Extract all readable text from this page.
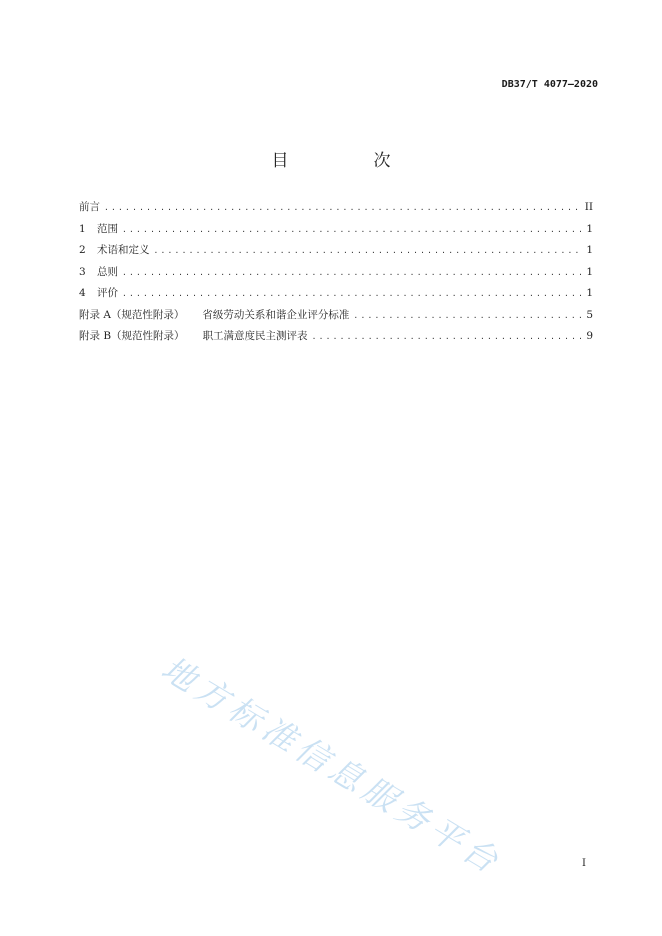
DB37/T 4077—2020
目　次
前言 .....	II
1	范围 .....	1
2	术语和定义 .....	1
3	总则 .....	1
4	评价 .....	1
附录 A（规范性附录） 省级劳动关系和谐企业评分标准 .....	5
附录 B（规范性附录） 职工满意度民主测评表 .....	9
地方标准信息服务平台	I
